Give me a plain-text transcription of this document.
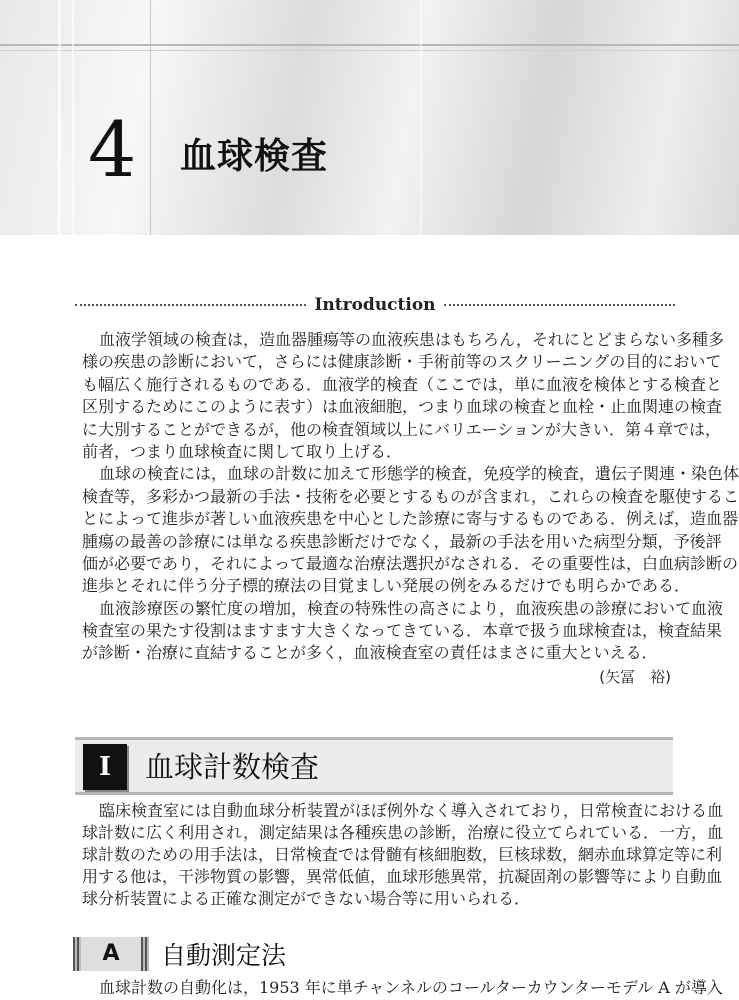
4 血球検査
Introduction
血液学領域の検査は，造血器腫瘍等の血液疾患はもちろん，それにとどまらない多種多
様の疾患の診断において，さらには健康診断・手術前等のスクリーニングの目的において
も幅広く施行されるものである．血液学的検査（ここでは，単に血液を検体とする検査と
区別するためにこのように表す）は血液細胞，つまり血球の検査と血栓・止血関連の検査
に大別することができるが，他の検査領域以上にバリエーションが大きい．第４章では，
前者，つまり血球検査に関して取り上げる．
血球の検査には，血球の計数に加えて形態学的検査，免疫学的検査，遺伝子関連・染色体
検査等，多彩かつ最新の手法・技術を必要とするものが含まれ，これらの検査を駆使するこ
とによって進歩が著しい血液疾患を中心とした診療に寄与するものである．例えば，造血器
腫瘍の最善の診療には単なる疾患診断だけでなく，最新の手法を用いた病型分類，予後評
価が必要であり，それによって最適な治療法選択がなされる．その重要性は，白血病診断の
進歩とそれに伴う分子標的療法の目覚ましい発展の例をみるだけでも明らかである．
血液診療医の繁忙度の増加，検査の特殊性の高さにより，血液疾患の診療において血液
検査室の果たす役割はますます大きくなってきている．本章で扱う血球検査は，検査結果
が診断・治療に直結することが多く，血液検査室の責任はまさに重大といえる．
(矢冨　裕)
I	血球計数検査
臨床検査室には自動血球分析装置がほぼ例外なく導入されており，日常検査における血
球計数に広く利用され，測定結果は各種疾患の診断，治療に役立てられている．一方，血
球計数のための用手法は，日常検査では骨髄有核細胞数，巨核球数，網赤血球算定等に利
用する他は，干渉物質の影響，異常低値，血球形態異常，抗凝固剤の影響等により自動血
球分析装置による正確な測定ができない場合等に用いられる．
A	自動測定法
血球計数の自動化は，1953 年に単チャンネルのコールターカウンターモデル A が導入
